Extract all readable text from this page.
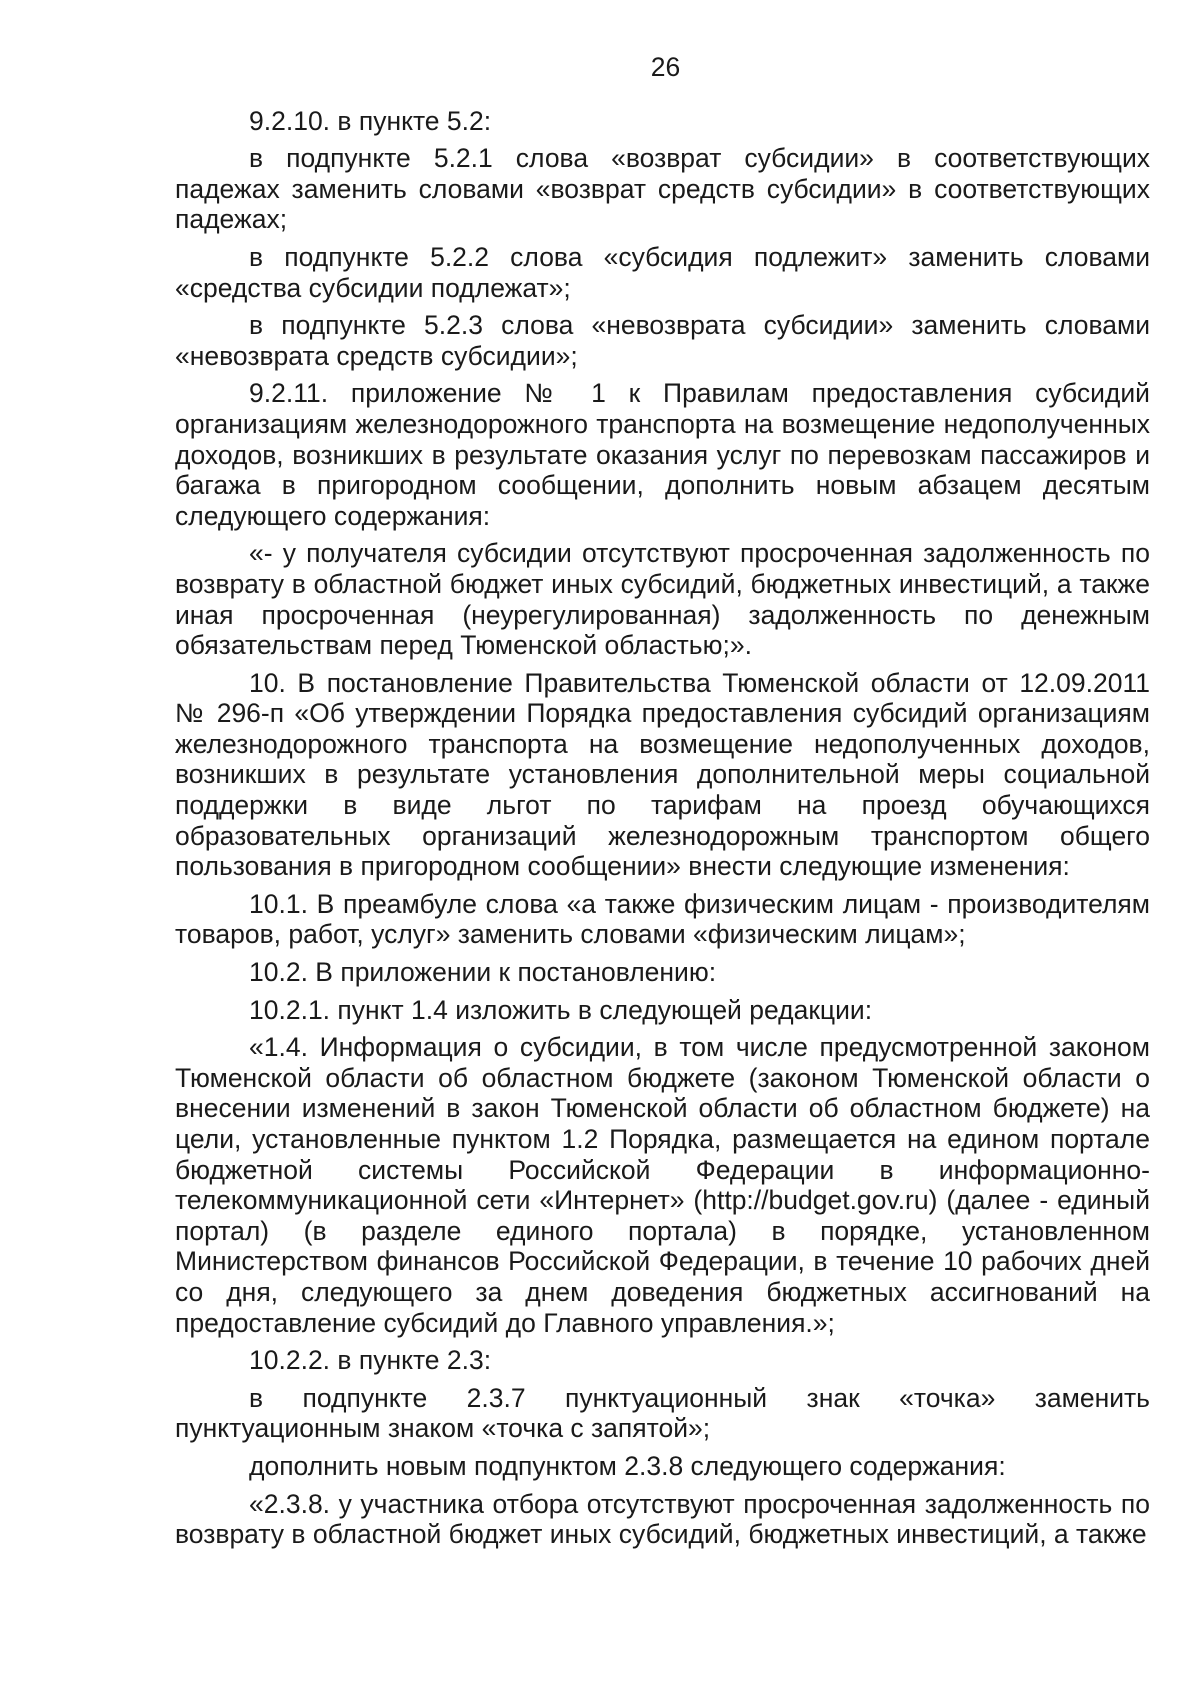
26

9.2.10. в пункте 5.2:

в подпункте 5.2.1 слова «возврат субсидии» в соответствующих падежах заменить словами «возврат средств субсидии» в соответствующих падежах;

в подпункте 5.2.2 слова «субсидия подлежит» заменить словами «средства субсидии подлежат»;

в подпункте 5.2.3 слова «невозврата субсидии» заменить словами «невозврата средств субсидии»;

9.2.11. приложение № 1 к Правилам предоставления субсидий организациям железнодорожного транспорта на возмещение недополученных доходов, возникших в результате оказания услуг по перевозкам пассажиров и багажа в пригородном сообщении, дополнить новым абзацем десятым следующего содержания:

«- у получателя субсидии отсутствуют просроченная задолженность по возврату в областной бюджет иных субсидий, бюджетных инвестиций, а также иная просроченная (неурегулированная) задолженность по денежным обязательствам перед Тюменской областью;».

10. В постановление Правительства Тюменской области от 12.09.2011 № 296-п «Об утверждении Порядка предоставления субсидий организациям железнодорожного транспорта на возмещение недополученных доходов, возникших в результате установления дополнительной меры социальной поддержки в виде льгот по тарифам на проезд обучающихся образовательных организаций железнодорожным транспортом общего пользования в пригородном сообщении» внести следующие изменения:

10.1. В преамбуле слова «а также физическим лицам - производителям товаров, работ, услуг» заменить словами «физическим лицам»;

10.2. В приложении к постановлению:

10.2.1. пункт 1.4 изложить в следующей редакции:

«1.4. Информация о субсидии, в том числе предусмотренной законом Тюменской области об областном бюджете (законом Тюменской области о внесении изменений в закон Тюменской области об областном бюджете) на цели, установленные пунктом 1.2 Порядка, размещается на едином портале бюджетной системы Российской Федерации в информационно-телекоммуникационной сети «Интернет» (http://budget.gov.ru) (далее - единый портал) (в разделе единого портала) в порядке, установленном Министерством финансов Российской Федерации, в течение 10 рабочих дней со дня, следующего за днем доведения бюджетных ассигнований на предоставление субсидий до Главного управления.»;

10.2.2. в пункте 2.3:

в подпункте 2.3.7 пунктуационный знак «точка» заменить пунктуационным знаком «точка с запятой»;

дополнить новым подпунктом 2.3.8 следующего содержания:

«2.3.8. у участника отбора отсутствуют просроченная задолженность по возврату в областной бюджет иных субсидий, бюджетных инвестиций, а также
